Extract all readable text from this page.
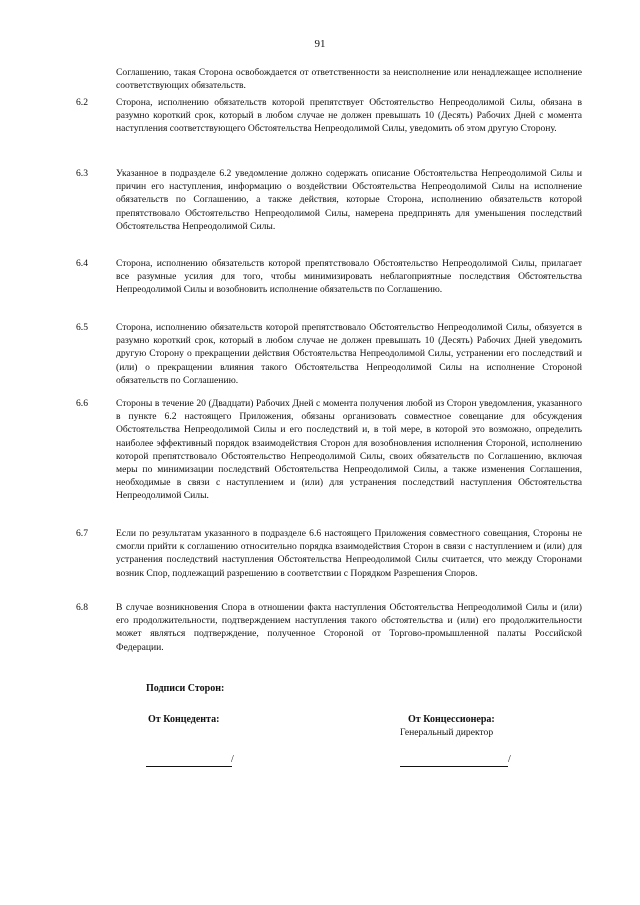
91

Соглашению, такая Сторона освобождается от ответственности за неисполнение или ненадлежащее исполнение соответствующих обязательств.

6.2	Сторона, исполнению обязательств которой препятствует Обстоятельство Непреодолимой Силы, обязана в разумно короткий срок, который в любом случае не должен превышать 10 (Десять) Рабочих Дней с момента наступления соответствующего Обстоятельства Непреодолимой Силы, уведомить об этом другую Сторону.

6.3	Указанное в подразделе 6.2 уведомление должно содержать описание Обстоятельства Непреодолимой Силы и причин его наступления, информацию о воздействии Обстоятельства Непреодолимой Силы на исполнение обязательств по Соглашению, а также действия, которые Сторона, исполнению обязательств которой препятствовало Обстоятельство Непреодолимой Силы, намерена предпринять для уменьшения последствий Обстоятельства Непреодолимой Силы.

6.4	Сторона, исполнению обязательств которой препятствовало Обстоятельство Непреодолимой Силы, прилагает все разумные усилия для того, чтобы минимизировать неблагоприятные последствия Обстоятельства Непреодолимой Силы и возобновить исполнение обязательств по Соглашению.

6.5	Сторона, исполнению обязательств которой препятствовало Обстоятельство Непреодолимой Силы, обязуется в разумно короткий срок, который в любом случае не должен превышать 10 (Десять) Рабочих Дней уведомить другую Сторону о прекращении действия Обстоятельства Непреодолимой Силы, устранении его последствий и (или) о прекращении влияния такого Обстоятельства Непреодолимой Силы на исполнение Стороной обязательств по Соглашению.

6.6	Стороны в течение 20 (Двадцати) Рабочих Дней с момента получения любой из Сторон уведомления, указанного в пункте 6.2 настоящего Приложения, обязаны организовать совместное совещание для обсуждения Обстоятельства Непреодолимой Силы и его последствий и, в той мере, в которой это возможно, определить наиболее эффективный порядок взаимодействия Сторон для возобновления исполнения Стороной, исполнению которой препятствовало Обстоятельство Непреодолимой Силы, своих обязательств по Соглашению, включая меры по минимизации последствий Обстоятельства Непреодолимой Силы, а также изменения Соглашения, необходимые в связи с наступлением и (или) для устранения последствий наступления Обстоятельства Непреодолимой Силы.

6.7	Если по результатам указанного в подразделе 6.6 настоящего Приложения совместного совещания, Стороны не смогли прийти к соглашению относительно порядка взаимодействия Сторон в связи с наступлением и (или) для устранения последствий наступления Обстоятельства Непреодолимой Силы считается, что между Сторонами возник Спор, подлежащий разрешению в соответствии с Порядком Разрешения Споров.

6.8	В случае возникновения Спора в отношении факта наступления Обстоятельства Непреодолимой Силы и (или) его продолжительности, подтверждением наступления такого обстоятельства и (или) его продолжительности может являться подтверждение, полученное Стороной от Торгово-промышленной палаты Российской Федерации.

Подписи Сторон:
От Концедента:	От Концессионера:
Генеральный директор
/	/
